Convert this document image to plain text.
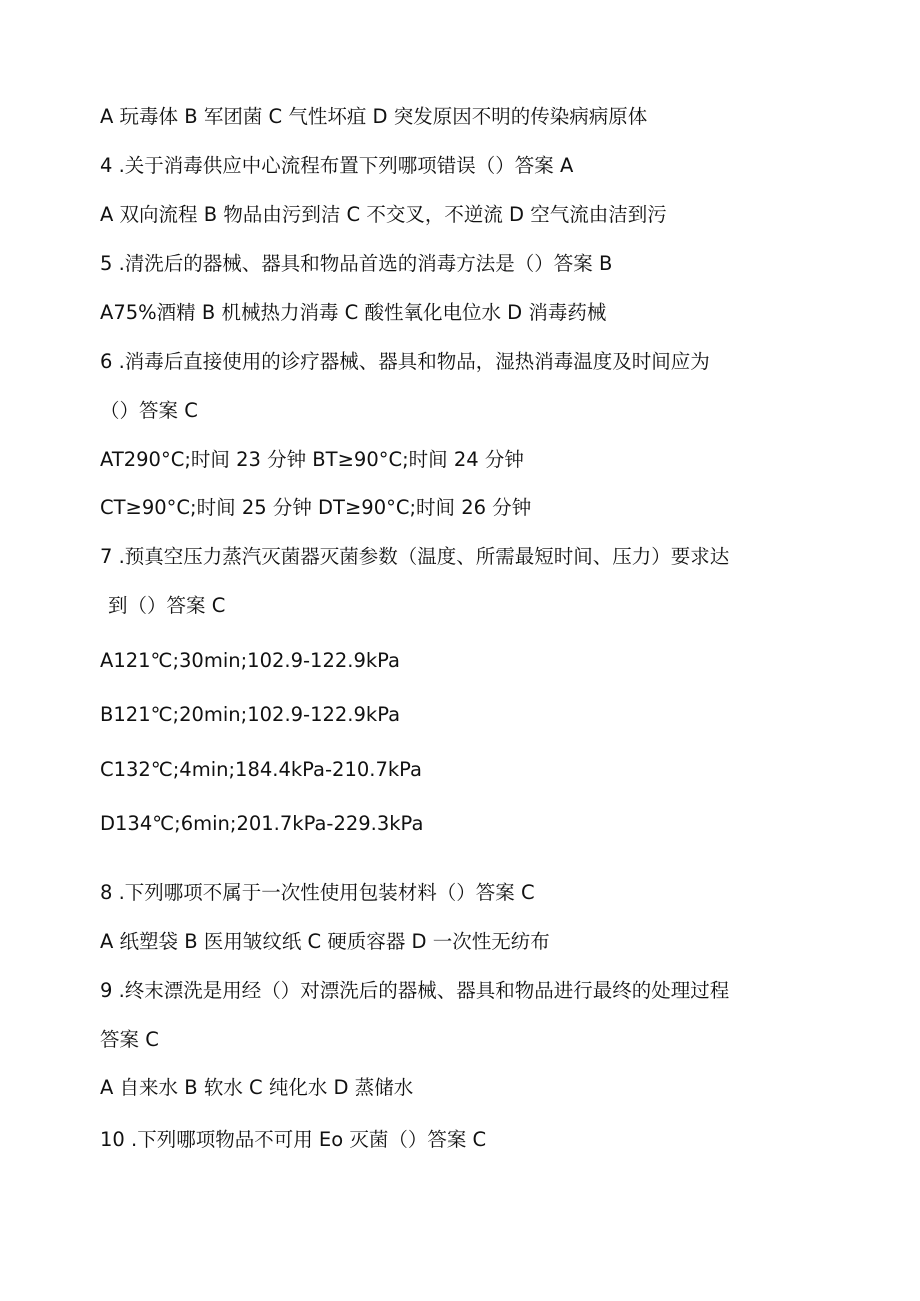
A 玩毒体 B 军团菌 C 气性坏疽 D 突发原因不明的传染病病原体
4 .关于消毒供应中心流程布置下列哪项错误（）答案 A
A 双向流程 B 物品由污到洁 C 不交叉，不逆流 D 空气流由洁到污
5 .清洗后的器械、器具和物品首选的消毒方法是（）答案 B
A75%酒精 B 机械热力消毒 C 酸性氧化电位水 D 消毒药械
6 .消毒后直接使用的诊疗器械、器具和物品，湿热消毒温度及时间应为
（）答案 C
AT290°C;时间 23 分钟 BT≥90°C;时间 24 分钟
CT≥90°C;时间 25 分钟 DT≥90°C;时间 26 分钟
7 .预真空压力蒸汽灭菌器灭菌参数（温度、所需最短时间、压力）要求达
到（）答案 C
A121℃;30min;102.9-122.9kPa
B121℃;20min;102.9-122.9kPa
C132℃;4min;184.4kPa-210.7kPa
D134℃;6min;201.7kPa-229.3kPa
8 .下列哪项不属于一次性使用包装材料（）答案 C
A 纸塑袋 B 医用皱纹纸 C 硬质容器 D 一次性无纺布
9 .终末漂洗是用经（）对漂洗后的器械、器具和物品进行最终的处理过程
答案 C
A 自来水 B 软水 C 纯化水 D 蒸储水
10 .下列哪项物品不可用 Eo 灭菌（）答案 C
